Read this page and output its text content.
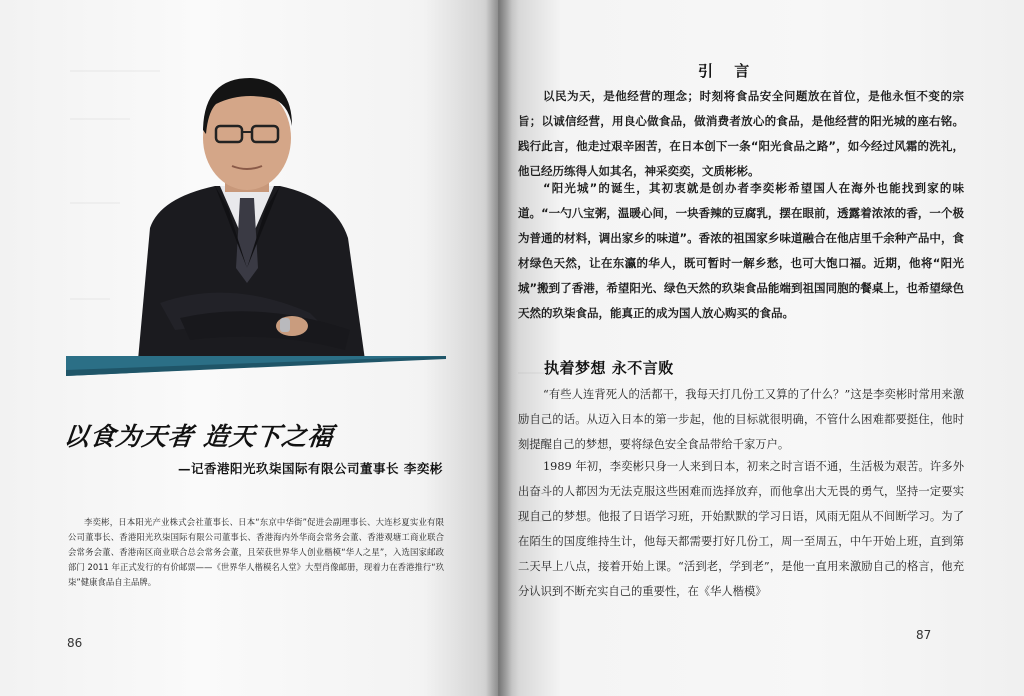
以食为天者 造天下之福
—记香港阳光玖柒国际有限公司董事长 李奕彬
李奕彬，日本阳光产业株式会社董事长、日本“东京中华街”促进会副理事长、大连杉夏实业有限公司董事长、香港阳光玖柒国际有限公司董事长、香港海内外华商会常务会董、香港观塘工商业联合会常务会董、香港南区商业联合总会常务会董，且荣获世界华人创业楷模“华人之星”，入选国家邮政部门 2011 年正式发行的有价邮票——《世界华人楷模名人堂》大型肖像邮册，现着力在香港推行“玖柒”健康食品自主品牌。
86
引 言
以民为天，是他经营的理念；时刻将食品安全问题放在首位，是他永恒不变的宗旨；以诚信经营，用良心做食品，做消费者放心的食品，是他经营的阳光城的座右铭。践行此言，他走过艰辛困苦，在日本创下一条“阳光食品之路”，如今经过风霜的洗礼，他已经历练得人如其名，神采奕奕，文质彬彬。
“阳光城”的诞生，其初衷就是创办者李奕彬希望国人在海外也能找到家的味道。“一勺八宝粥，温暖心间，一块香辣的豆腐乳，摆在眼前，透露着浓浓的香，一个极为普通的材料，调出家乡的味道”。香浓的祖国家乡味道融合在他店里千余种产品中，食材绿色天然，让在东瀛的华人，既可暂时一解乡愁，也可大饱口福。近期，他将“阳光城”搬到了香港，希望阳光、绿色天然的玖柒食品能端到祖国同胞的餐桌上，也希望绿色天然的玖柒食品，能真正的成为国人放心购买的食品。
执着梦想 永不言败
“有些人连背死人的活都干，我每天打几份工又算的了什么？”这是李奕彬时常用来激励自己的话。从迈入日本的第一步起，他的目标就很明确，不管什么困难都要挺住，他时刻提醒自己的梦想，要将绿色安全食品带给千家万户。
1989 年初，李奕彬只身一人来到日本，初来之时言语不通，生活极为艰苦。许多外出奋斗的人都因为无法克服这些困难而选择放弃，而他拿出大无畏的勇气，坚持一定要实现自己的梦想。他报了日语学习班，开始默默的学习日语，风雨无阻从不间断学习。为了在陌生的国度维持生计，他每天都需要打好几份工，周一至周五，中午开始上班，直到第二天早上八点，接着开始上课。“活到老，学到老”，是他一直用来激励自己的格言，他充分认识到不断充实自己的重要性，在《华人楷模》
87
